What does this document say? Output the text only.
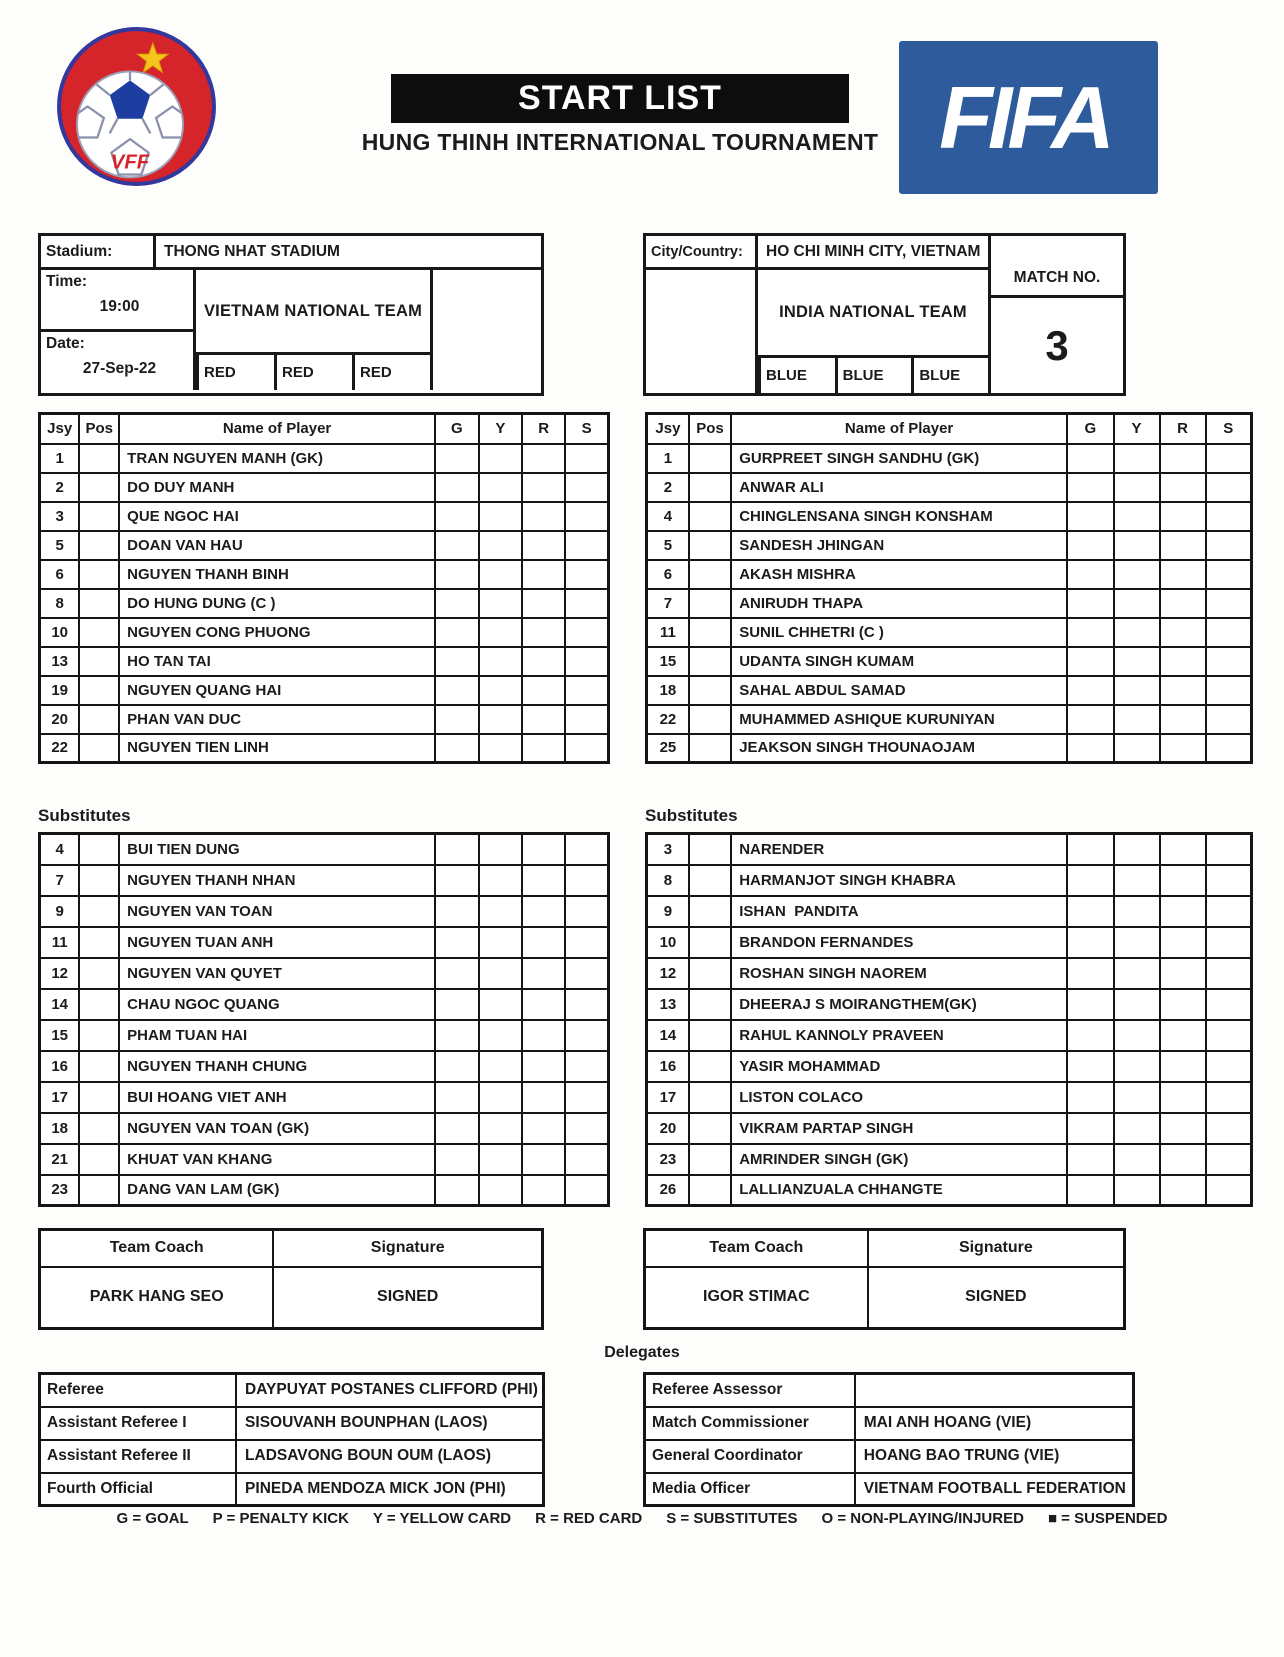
VFF
START LIST
HUNG THINH INTERNATIONAL TOURNAMENT FIFA
Stadium:	THONG NHAT STADIUM
Time:
19:00
Date:
27-Sep-22
VIETNAM NATIONAL TEAM
RED	RED	RED
City/Country:	HO CHI MINH CITY, VIETNAM
INDIA NATIONAL TEAM
BLUE	BLUE	BLUE
MATCH NO.
3
Jsy	Pos	Name of Player	G	Y	R	S
1		TRAN NGUYEN MANH (GK)				
2		DO DUY MANH				
3		QUE NGOC HAI				
5		DOAN VAN HAU				
6		NGUYEN THANH BINH				
8		DO HUNG DUNG (C )				
10		NGUYEN CONG PHUONG				
13		HO TAN TAI				
19		NGUYEN QUANG HAI				
20		PHAN VAN DUC				
22		NGUYEN TIEN LINH				
Jsy	Pos	Name of Player	G	Y	R	S
1		GURPREET SINGH SANDHU (GK)				
2		ANWAR ALI				
4		CHINGLENSANA SINGH KONSHAM				
5		SANDESH JHINGAN				
6		AKASH MISHRA				
7		ANIRUDH THAPA				
11		SUNIL CHHETRI (C )				
15		UDANTA SINGH KUMAM				
18		SAHAL ABDUL SAMAD				
22		MUHAMMED ASHIQUE KURUNIYAN				
25		JEAKSON SINGH THOUNAOJAM				
Substitutes
4		BUI TIEN DUNG				
7		NGUYEN THANH NHAN				
9		NGUYEN VAN TOAN				
11		NGUYEN TUAN ANH				
12		NGUYEN VAN QUYET				
14		CHAU NGOC QUANG				
15		PHAM TUAN HAI				
16		NGUYEN THANH CHUNG				
17		BUI HOANG VIET ANH				
18		NGUYEN VAN TOAN (GK)				
21		KHUAT VAN KHANG				
23		DANG VAN LAM (GK)				
Substitutes
3		NARENDER				
8		HARMANJOT SINGH KHABRA				
9		ISHAN  PANDITA				
10		BRANDON FERNANDES				
12		ROSHAN SINGH NAOREM				
13		DHEERAJ S MOIRANGTHEM(GK)				
14		RAHUL KANNOLY PRAVEEN				
16		YASIR MOHAMMAD				
17		LISTON COLACO				
20		VIKRAM PARTAP SINGH				
23		AMRINDER SINGH (GK)				
26		LALLIANZUALA CHHANGTE				
Team Coach	Signature
PARK HANG SEO	SIGNED
Team Coach	Signature
IGOR STIMAC	SIGNED
Delegates
Referee	DAYPUYAT POSTANES CLIFFORD (PHI)
Assistant Referee I	SISOUVANH BOUNPHAN (LAOS)
Assistant Referee II	LADSAVONG BOUN OUM (LAOS)
Fourth Official	PINEDA MENDOZA MICK JON (PHI)
Referee Assessor	
Match Commissioner	MAI ANH HOANG (VIE)
General Coordinator	HOANG BAO TRUNG (VIE)
Media Officer	VIETNAM FOOTBALL FEDERATION
G = GOAL P = PENALTY KICK Y = YELLOW CARD R = RED CARD S = SUBSTITUTES O = NON-PLAYING/INJURED ■ = SUSPENDED
